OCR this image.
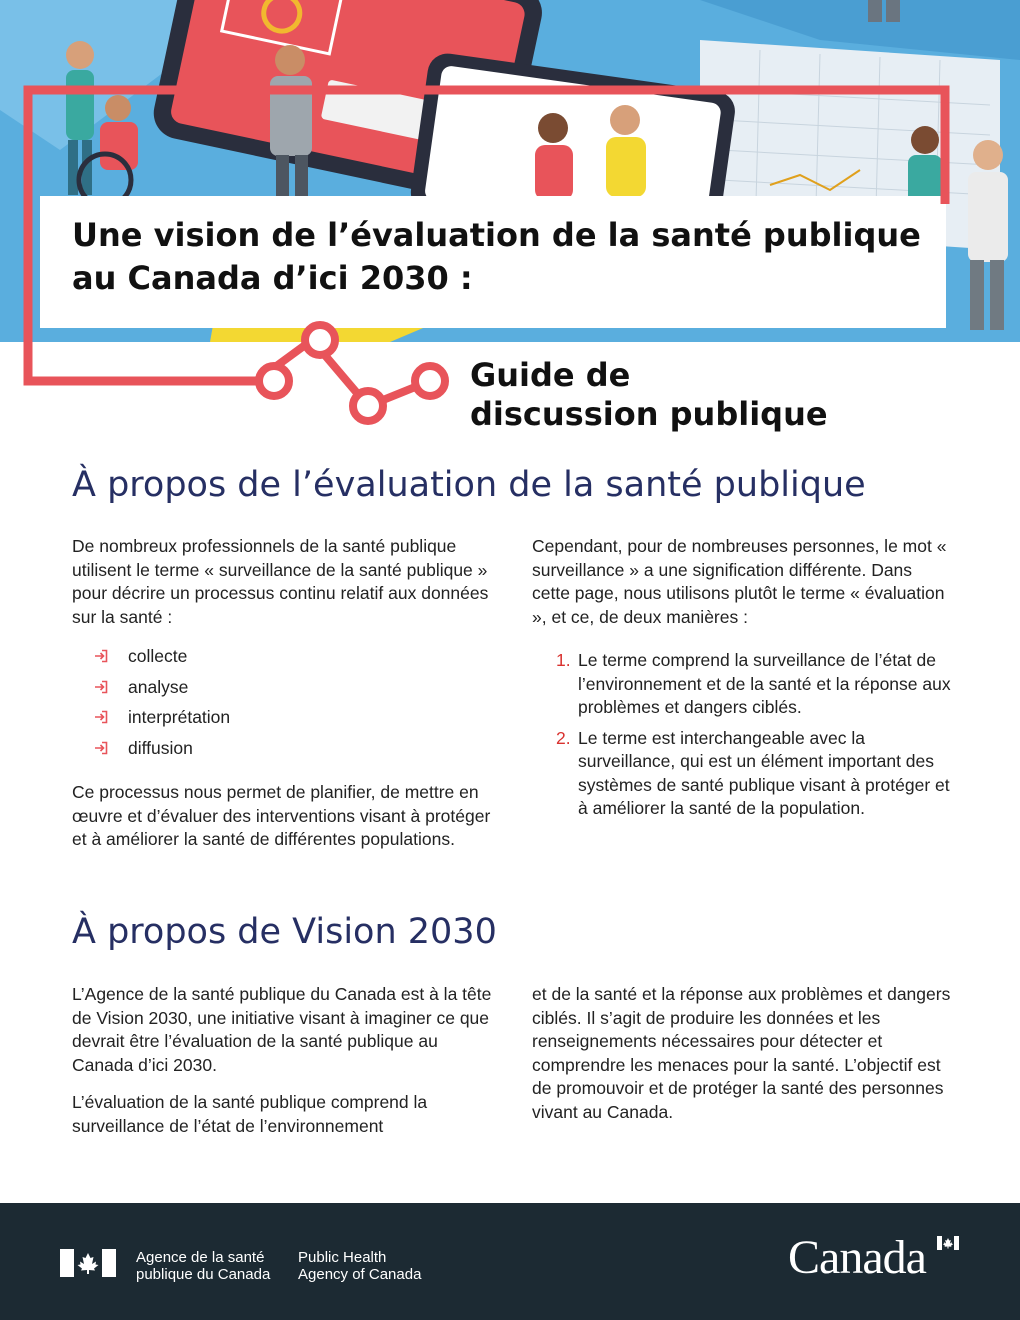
Une vision de l’évaluation de la santé publique au Canada d’ici 2030 :
Guide de
discussion publique
À propos de l’évaluation de la santé publique

De nombreux professionnels de la santé publique utilisent le terme « surveillance de la santé publique » pour décrire un processus continu relatif aux données sur la santé :

collecte
analyse
interprétation
diffusion

Ce processus nous permet de planifier, de mettre en œuvre et d’évaluer des interventions visant à protéger et à améliorer la santé de différentes populations.

Cependant, pour de nombreuses personnes, le mot « surveillance » a une signification différente. Dans cette page, nous utilisons plutôt le terme « évaluation », et ce, de deux manières :

1. Le terme comprend la surveillance de l’état de l’environnement et de la santé et la réponse aux problèmes et dangers ciblés.
2. Le terme est interchangeable avec la surveillance, qui est un élément important des systèmes de santé publique visant à protéger et à améliorer la santé de la population.
À propos de Vision 2030

L’Agence de la santé publique du Canada est à la tête de Vision 2030, une initiative visant à imaginer ce que devrait être l’évaluation de la santé publique au Canada d’ici 2030.

L’évaluation de la santé publique comprend la surveillance de l’état de l’environnement

et de la santé et la réponse aux problèmes et dangers ciblés. Il s’agit de produire les données et les renseignements nécessaires pour détecter et comprendre les menaces pour la santé. L’objectif est de promouvoir et de protéger la santé des personnes vivant au Canada.

Agence de la santé
publique du Canada
Public Health
Agency of Canada	Canada
